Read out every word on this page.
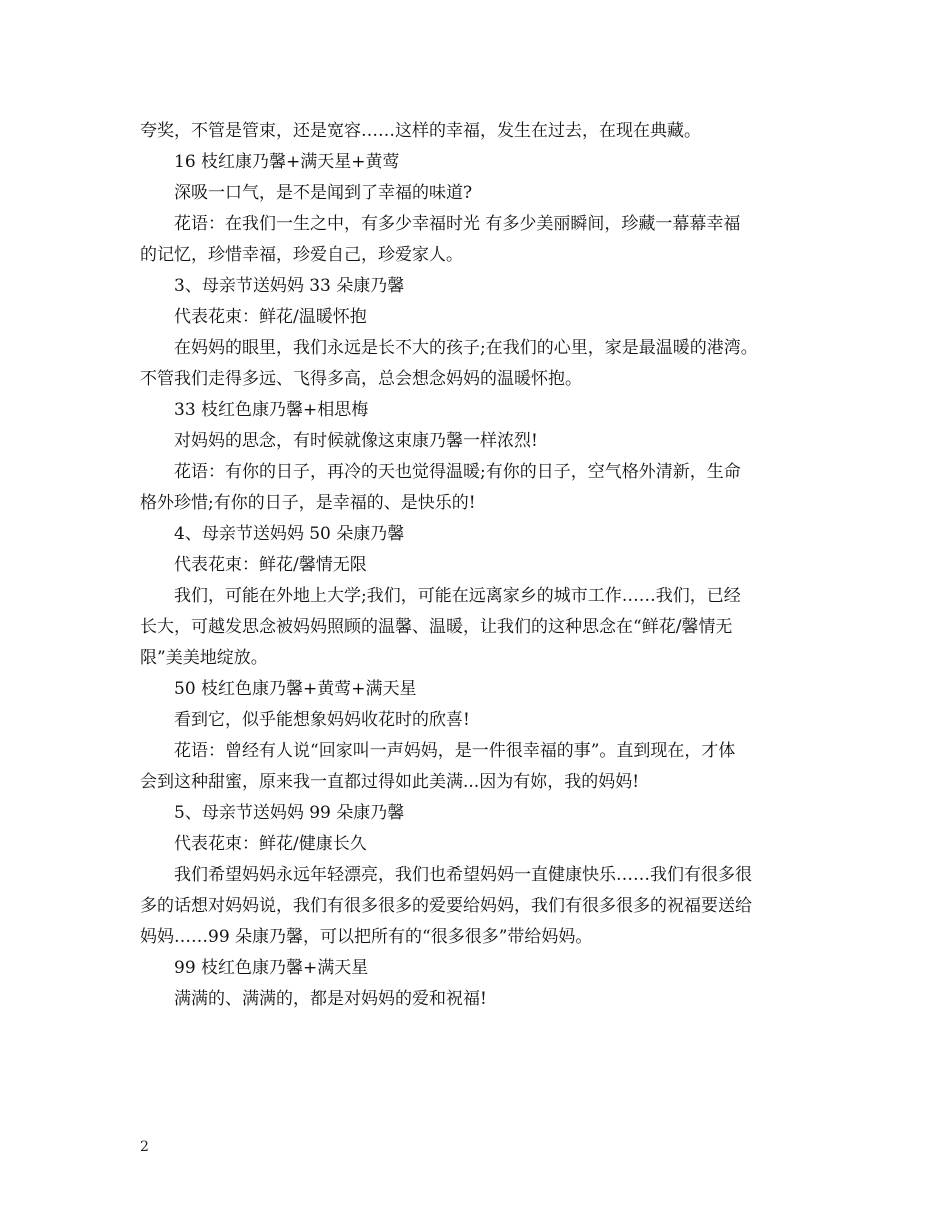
夸奖，不管是管束，还是宽容……这样的幸福，发生在过去，在现在典藏。
16 枝红康乃馨+满天星+黄莺
深吸一口气，是不是闻到了幸福的味道?
花语：在我们一生之中，有多少幸福时光 有多少美丽瞬间，珍藏一幕幕幸福
的记忆，珍惜幸福，珍爱自己，珍爱家人。
3、母亲节送妈妈 33 朵康乃馨
代表花束：鲜花/温暖怀抱
在妈妈的眼里，我们永远是长不大的孩子;在我们的心里，家是最温暖的港湾。
不管我们走得多远、飞得多高，总会想念妈妈的温暖怀抱。
33 枝红色康乃馨+相思梅
对妈妈的思念，有时候就像这束康乃馨一样浓烈!
花语：有你的日子，再冷的天也觉得温暖;有你的日子，空气格外清新，生命
格外珍惜;有你的日子，是幸福的、是快乐的!
4、母亲节送妈妈 50 朵康乃馨
代表花束：鲜花/馨情无限
我们，可能在外地上大学;我们，可能在远离家乡的城市工作……我们，已经
长大，可越发思念被妈妈照顾的温馨、温暖，让我们的这种思念在“鲜花/馨情无
限”美美地绽放。
50 枝红色康乃馨+黄莺+满天星
看到它，似乎能想象妈妈收花时的欣喜!
花语：曾经有人说“回家叫一声妈妈，是一件很幸福的事”。直到现在，才体
会到这种甜蜜，原来我一直都过得如此美满...因为有妳，我的妈妈!
5、母亲节送妈妈 99 朵康乃馨
代表花束：鲜花/健康长久
我们希望妈妈永远年轻漂亮，我们也希望妈妈一直健康快乐……我们有很多很
多的话想对妈妈说，我们有很多很多的爱要给妈妈，我们有很多很多的祝福要送给
妈妈……99 朵康乃馨，可以把所有的“很多很多”带给妈妈。
99 枝红色康乃馨+满天星
满满的、满满的，都是对妈妈的爱和祝福!
2
